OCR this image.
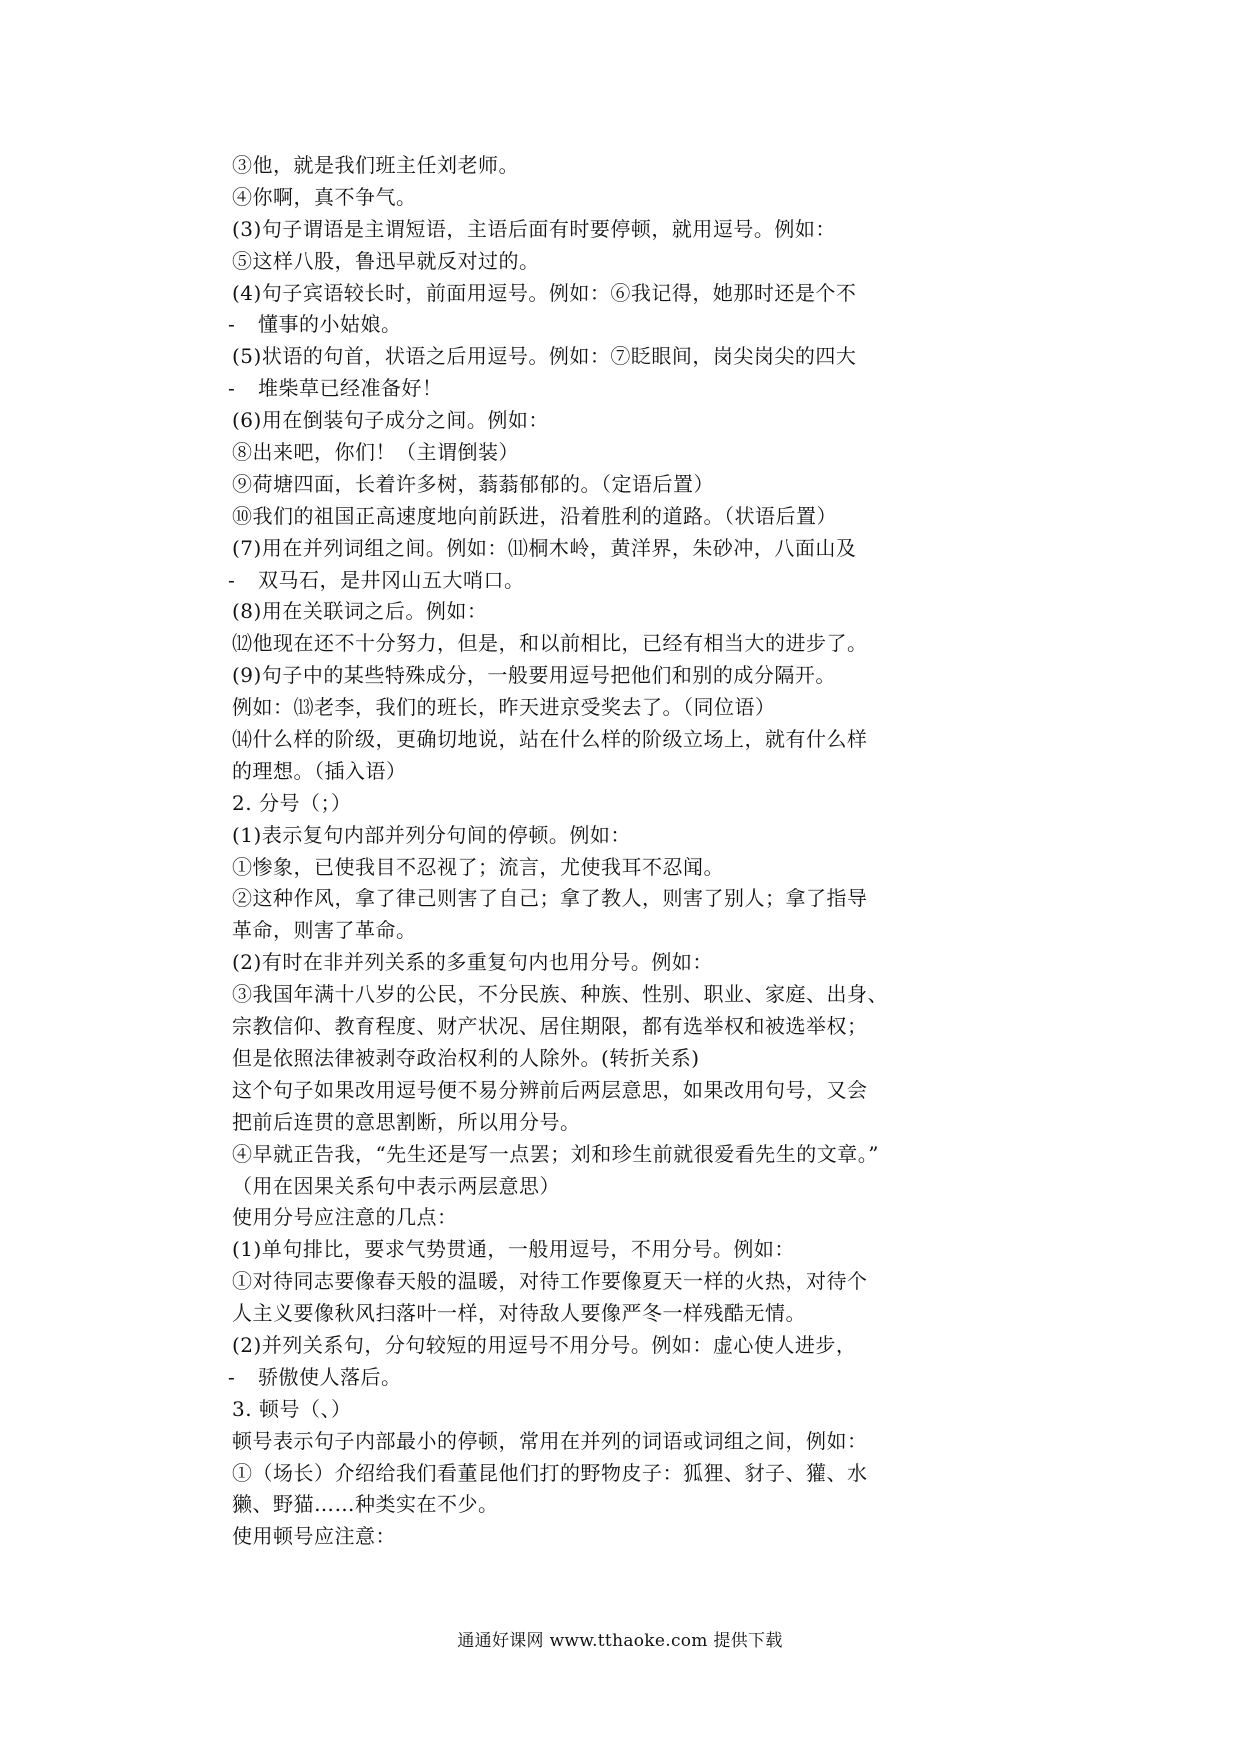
③他，就是我们班主任刘老师。
④你啊，真不争气。
(3)句子谓语是主谓短语，主语后面有时要停顿，就用逗号。例如：
⑤这样八股，鲁迅早就反对过的。
(4)句子宾语较长时，前面用逗号。例如：⑥我记得，她那时还是个不
- 懂事的小姑娘。
(5)状语的句首，状语之后用逗号。例如：⑦眨眼间，岗尖岗尖的四大
- 堆柴草已经准备好！
(6)用在倒装句子成分之间。例如：
⑧出来吧，你们！（主谓倒装）
⑨荷塘四面，长着许多树，蓊蓊郁郁的。（定语后置）
⑩我们的祖国正高速度地向前跃进，沿着胜利的道路。（状语后置）
(7)用在并列词组之间。例如：⑾桐木岭，黄洋界，朱砂冲，八面山及
- 双马石，是井冈山五大哨口。
(8)用在关联词之后。例如：
⑿他现在还不十分努力，但是，和以前相比，已经有相当大的进步了。
(9)句子中的某些特殊成分，一般要用逗号把他们和别的成分隔开。
例如：⒀老李，我们的班长，昨天进京受奖去了。（同位语）
⒁什么样的阶级，更确切地说，站在什么样的阶级立场上，就有什么样
的理想。（插入语）
2. 分号（；）
(1)表示复句内部并列分句间的停顿。例如：
①惨象，已使我目不忍视了；流言，尤使我耳不忍闻。
②这种作风，拿了律己则害了自己；拿了教人，则害了别人；拿了指导
革命，则害了革命。
(2)有时在非并列关系的多重复句内也用分号。例如：
③我国年满十八岁的公民，不分民族、种族、性别、职业、家庭、出身、
宗教信仰、教育程度、财产状况、居住期限，都有选举权和被选举权；
但是依照法律被剥夺政治权利的人除外。(转折关系)
这个句子如果改用逗号便不易分辨前后两层意思，如果改用句号，又会
把前后连贯的意思割断，所以用分号。
④早就正告我，“先生还是写一点罢；刘和珍生前就很爱看先生的文章。”
（用在因果关系句中表示两层意思）
使用分号应注意的几点：
(1)单句排比，要求气势贯通，一般用逗号，不用分号。例如：
①对待同志要像春天般的温暖，对待工作要像夏天一样的火热，对待个
人主义要像秋风扫落叶一样，对待敌人要像严冬一样残酷无情。
(2)并列关系句，分句较短的用逗号不用分号。例如：虚心使人进步，
- 骄傲使人落后。
3. 顿号（、）
顿号表示句子内部最小的停顿，常用在并列的词语或词组之间，例如：
①（场长）介绍给我们看董昆他们打的野物皮子：狐狸、豺子、獾、水
獭、野猫……种类实在不少。
使用顿号应注意：
通通好课网 www.tthaoke.com 提供下载
